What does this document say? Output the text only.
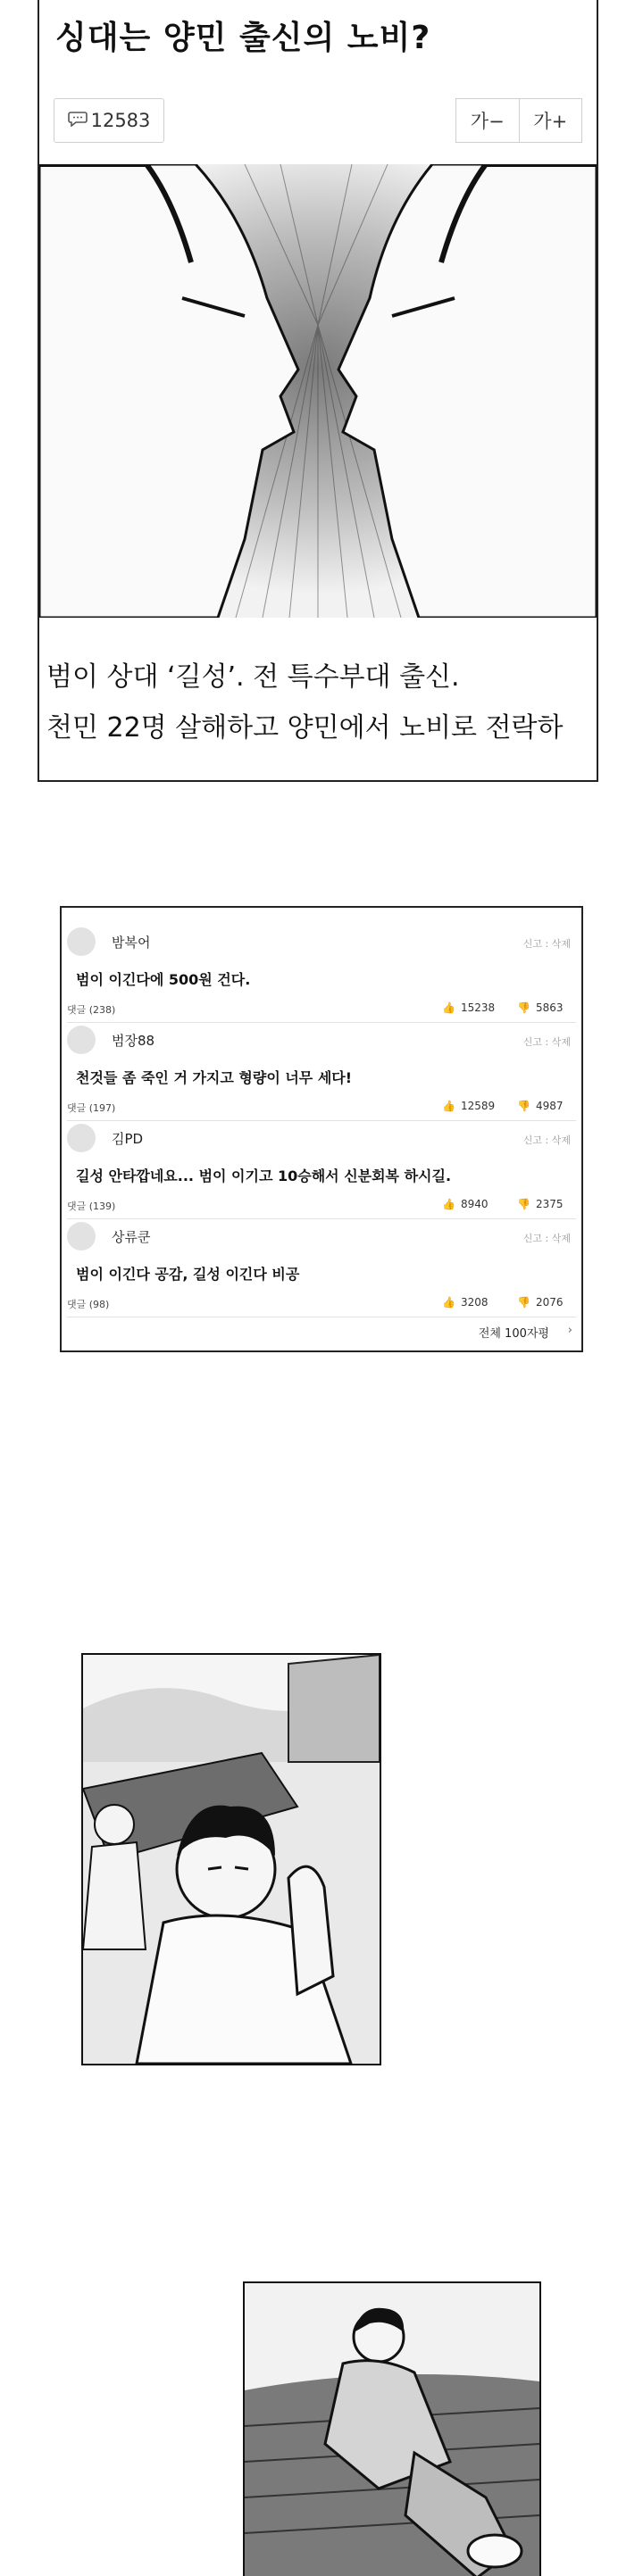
싱대는 양민 출신의 노비?
12583	가−	가+
범이 상대 ‘길성’. 전 특수부대 출신.
천민 22명 살해하고 양민에서 노비로 전락하
밤복어	신고 : 삭제
범이 이긴다에 500원 건다.
댓글 (238)	👍 15238 👎 5863
범장88	신고 : 삭제
천것들 좀 죽인 거 가지고 형량이 너무 세다!
댓글 (197)	👍 12589 👎 4987
김PD	신고 : 삭제
길성 안타깝네요... 범이 이기고 10승해서 신분회복 하시길.
댓글 (139)	👍 8940	👎 2375
상류쿤	신고 : 삭제
범이 이긴다 공감, 길성 이긴다 비공
댓글 (98)	👍 3208	👎 2076
전체 100자평 ›
